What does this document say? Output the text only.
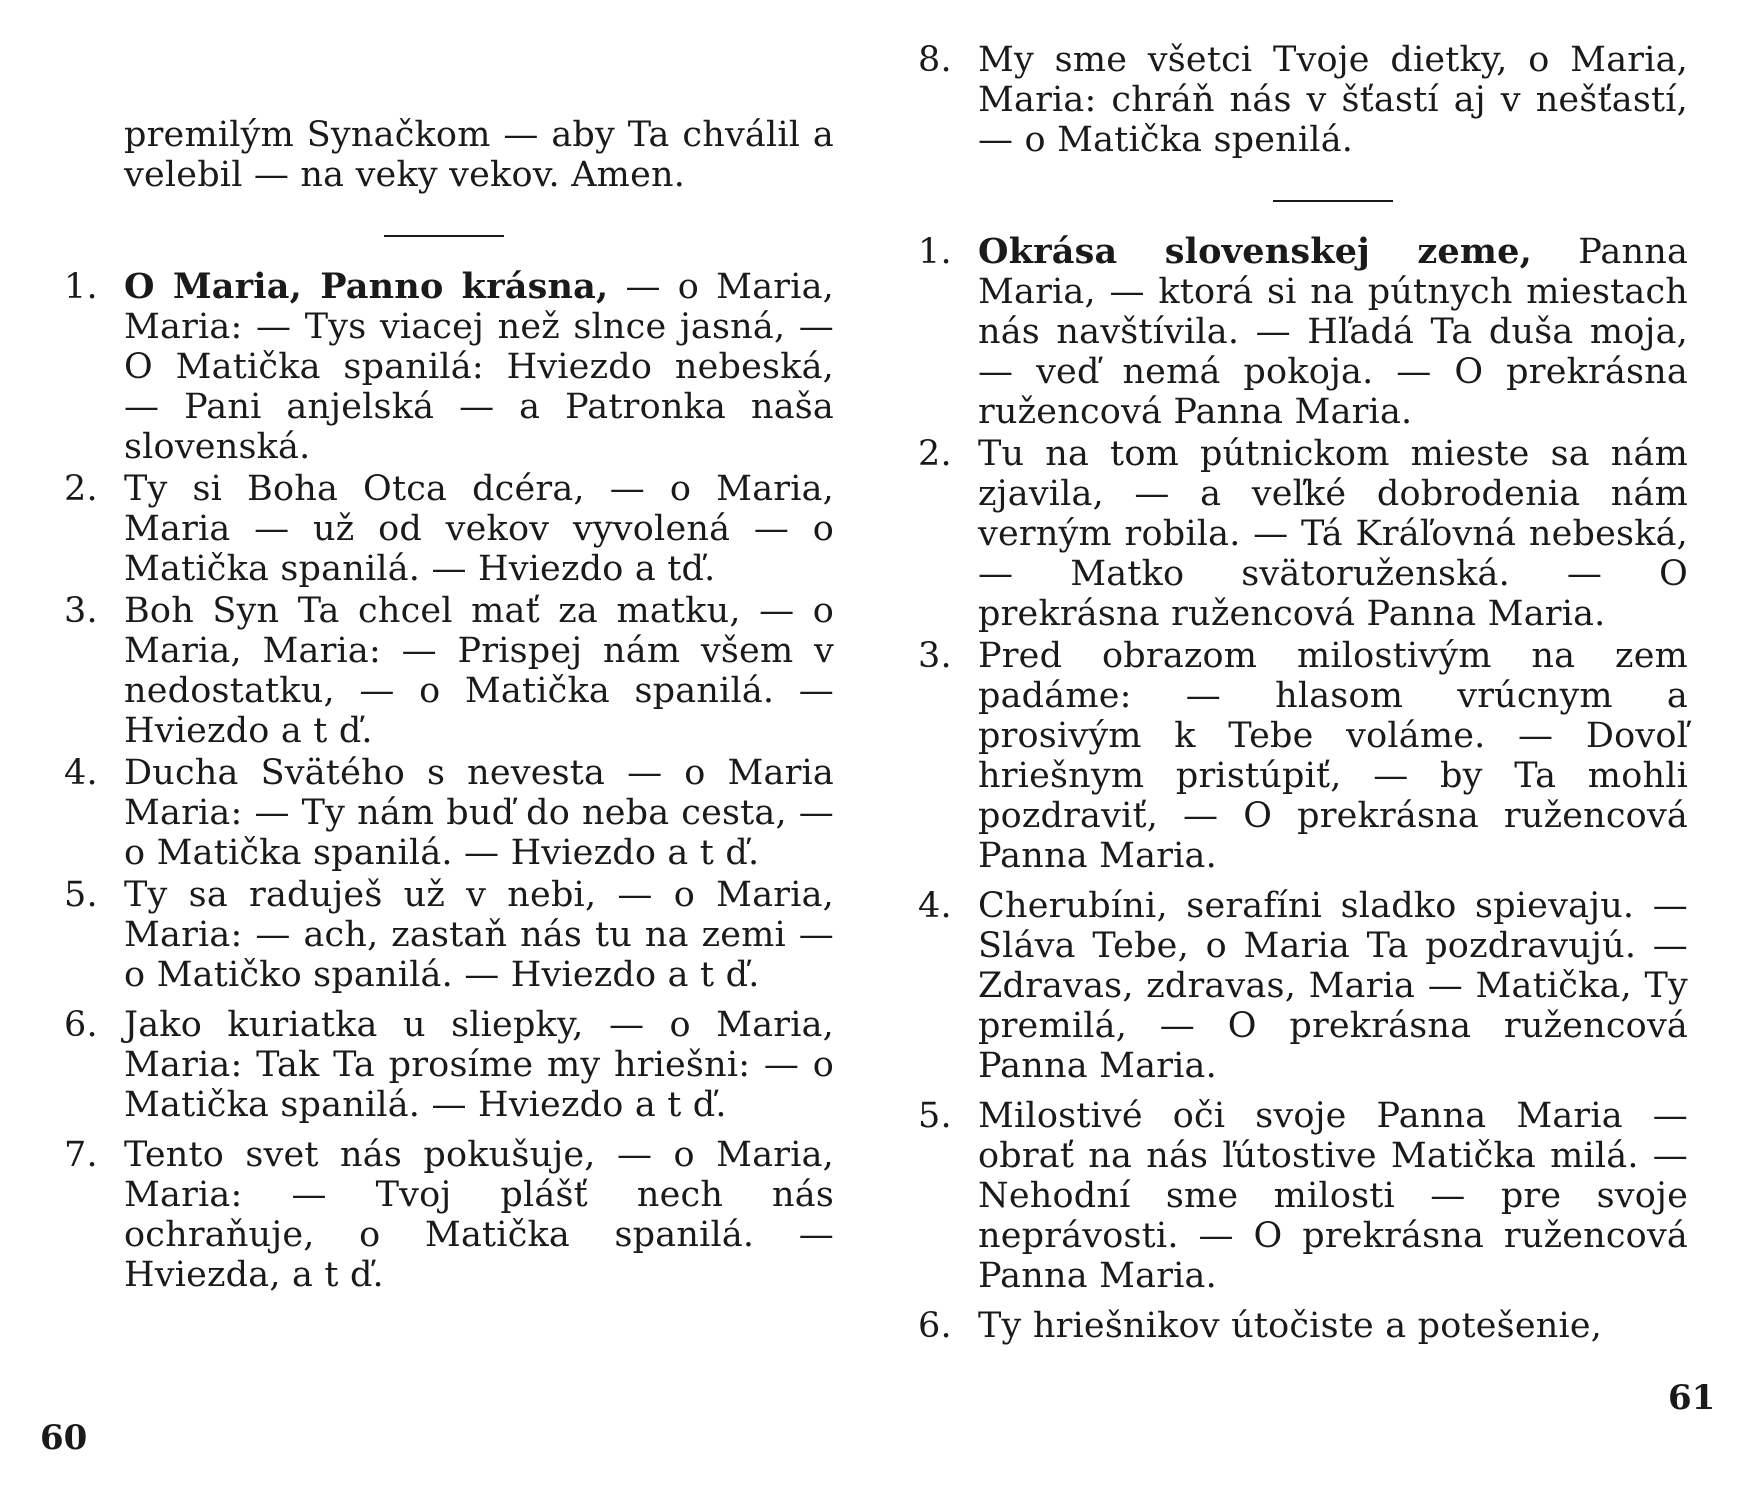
premilým Synačkom — aby Ta chválil a velebil — na veky vekov. Amen.

1. O Maria, Panno krásna, — o Maria, Maria: — Tys viacej než slnce jasná, — O Matička spanilá: Hviezdo nebeská, — Pani anjelská — a Patronka naša slovenská.
2. Ty si Boha Otca dcéra, — o Maria, Maria — už od vekov vyvolená — o Matička spanilá. — Hviezdo a tď.
3. Boh Syn Ta chcel mať za matku, — o Maria, Maria: — Prispej nám všem v nedostatku, — o Matička spanilá. — Hviezdo a t ď.
4. Ducha Svätého s nevesta — o Maria Maria: — Ty nám buď do neba cesta, — o Matička spanilá. — Hviezdo a t ď.
5. Ty sa raduješ už v nebi, — o Maria, Maria: — ach, zastaň nás tu na zemi — o Matičko spanilá. — Hviezdo a t ď.
6. Jako kuriatka u sliepky, — o Maria, Maria: Tak Ta prosíme my hriešni: — o Matička spanilá. — Hviezdo a t ď.
7. Tento svet nás pokušuje, — o Maria, Maria: — Tvoj plášť nech nás ochraňuje, o Matička spanilá. — Hviezda, a t ď.
60
8. My sme všetci Tvoje dietky, o Maria, Maria: chráň nás v šťastí aj v nešťastí, — o Matička spenilá.
1. Okrása slovenskej zeme, Panna Maria, — ktorá si na pútnych miestach nás navštívila. — Hľadá Ta duša moja, — veď nemá pokoja. — O prekrásna ružencová Panna Maria.
2. Tu na tom pútnickom mieste sa nám zjavila, — a veľké dobrodenia nám verným robila. — Tá Kráľovná nebeská, — Matko svätoruženská. — O prekrásna ružencová Panna Maria.
3. Pred obrazom milostivým na zem padáme: — hlasom vrúcnym a prosivým k Tebe voláme. — Dovoľ hriešnym pristúpiť, — by Ta mohli pozdraviť, — O prekrásna ružencová Panna Maria.
4. Cherubíni, serafíni sladko spievaju. — Sláva Tebe, o Maria Ta pozdravujú. — Zdravas, zdravas, Maria — Matička, Ty premilá, — O prekrásna ružencová Panna Maria.
5. Milostivé oči svoje Panna Maria — obrať na nás ľútostive Matička milá. — Nehodní sme milosti — pre svoje neprávosti. — O prekrásna ružencová Panna Maria.
6. Ty hriešnikov útočiste a potešenie,
61
